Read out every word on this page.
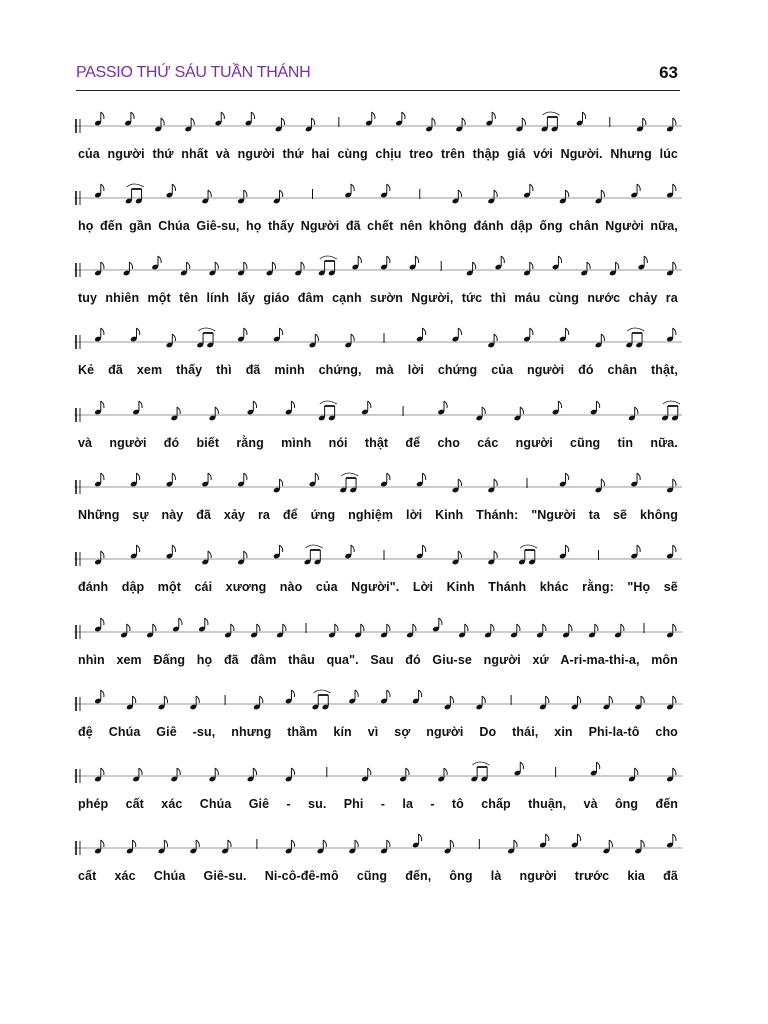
PASSIO THỨ SÁU TUẦN THÁNH	63
của người thứ nhất và người thứ hai cùng chịu treo trên thập giá với Người. Nhưng lúc
họ đến gần Chúa Giê-su, họ thấy Người đã chết nên không đánh dập ống chân Người nữa,
tuy nhiên một tên lính lấy giáo đâm cạnh sườn Người, tức thì máu cùng nước chảy ra
Kẻ đã xem thấy thì đã minh chứng, mà lời chứng của người đó chân thật,
và người đó biết rằng mình nói thật để cho các người cũng tin nữa.
Những sự này đã xảy ra để ứng nghiệm lời Kinh Thánh: "Người ta sẽ không
đánh dập một cái xương nào của Người". Lời Kinh Thánh khác rằng: "Họ sẽ
nhìn xem Đấng họ đã đâm thâu qua". Sau đó Giu-se người xứ A-ri-ma-thi-a, môn
đệ Chúa Giê -su, nhưng thầm kín vì sợ người Do thái, xin Phi-la-tô cho
phép cất xác Chúa Giê - su. Phi - la - tô chấp thuận, và ông đến
cất xác Chúa Giê-su. Ni-cô-đê-mô cũng đến, ông là người trước kia đã
